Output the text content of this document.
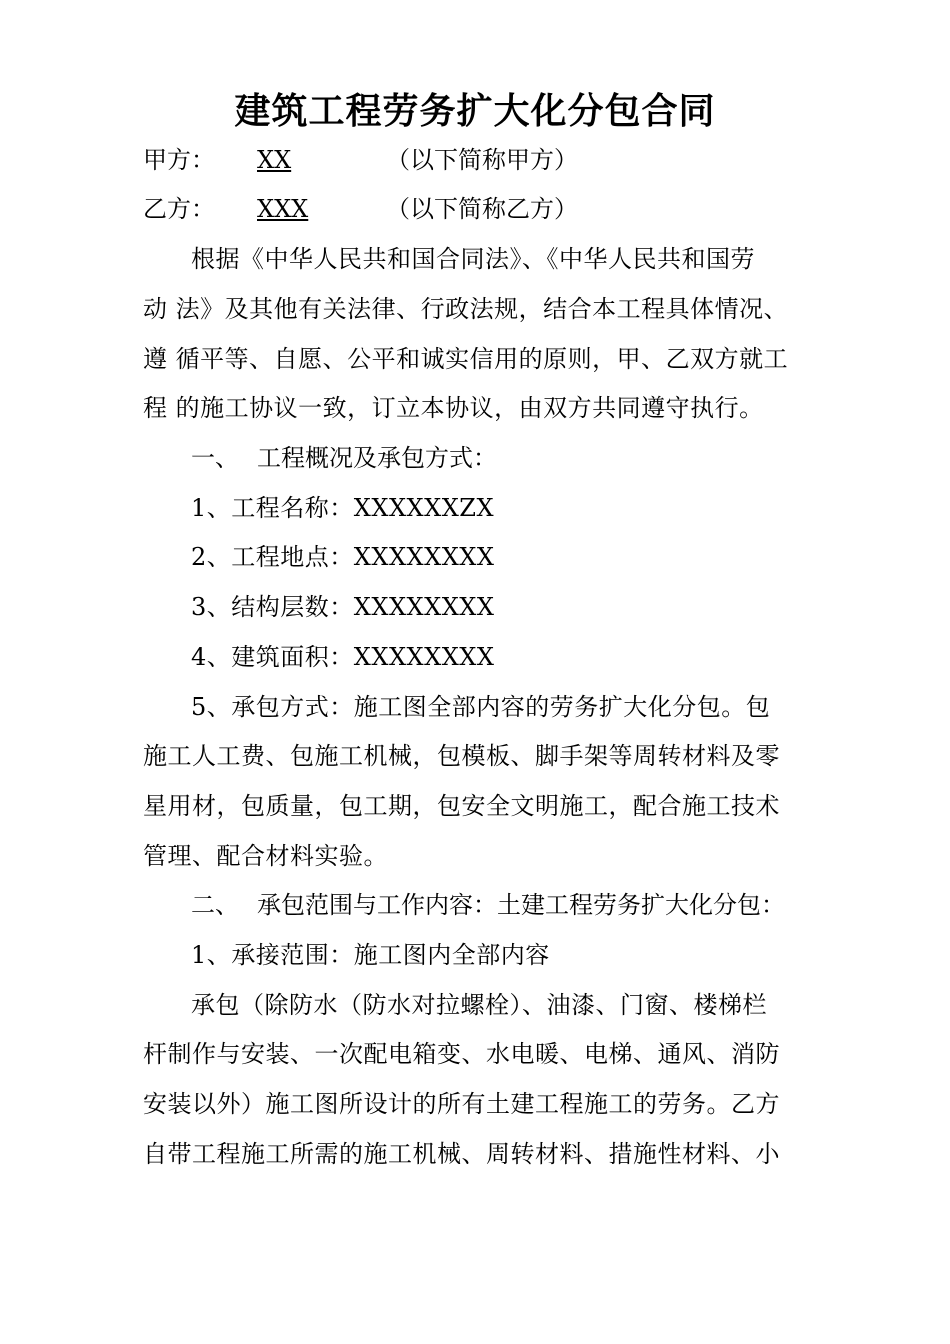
建筑工程劳务扩大化分包合同
甲方： XX	（以下简称甲方）
乙方： XXX	（以下简称乙方）
根据《中华人民共和国合同法》、《中华人民共和国劳
动 法》及其他有关法律、行政法规，结合本工程具体情况、
遵 循平等、自愿、公平和诚实信用的原则，甲、乙双方就工
程 的施工协议一致，订立本协议，由双方共同遵守执行。
一、 工程概况及承包方式：
1、工程名称：XXXXXXZX
2、工程地点：XXXXXXXX
3、结构层数：XXXXXXXX
4、建筑面积：XXXXXXXX
5、承包方式：施工图全部内容的劳务扩大化分包。包
施工人工费、包施工机械，包模板、脚手架等周转材料及零
星用材，包质量，包工期，包安全文明施工，配合施工技术
管理、配合材料实验。
二、 承包范围与工作内容：土建工程劳务扩大化分包：
1、承接范围：施工图内全部内容
承包（除防水（防水对拉螺栓）、油漆、门窗、楼梯栏
杆制作与安装、一次配电箱变、水电暖、电梯、通风、消防
安装以外）施工图所设计的所有土建工程施工的劳务。乙方
自带工程施工所需的施工机械、周转材料、措施性材料、小
